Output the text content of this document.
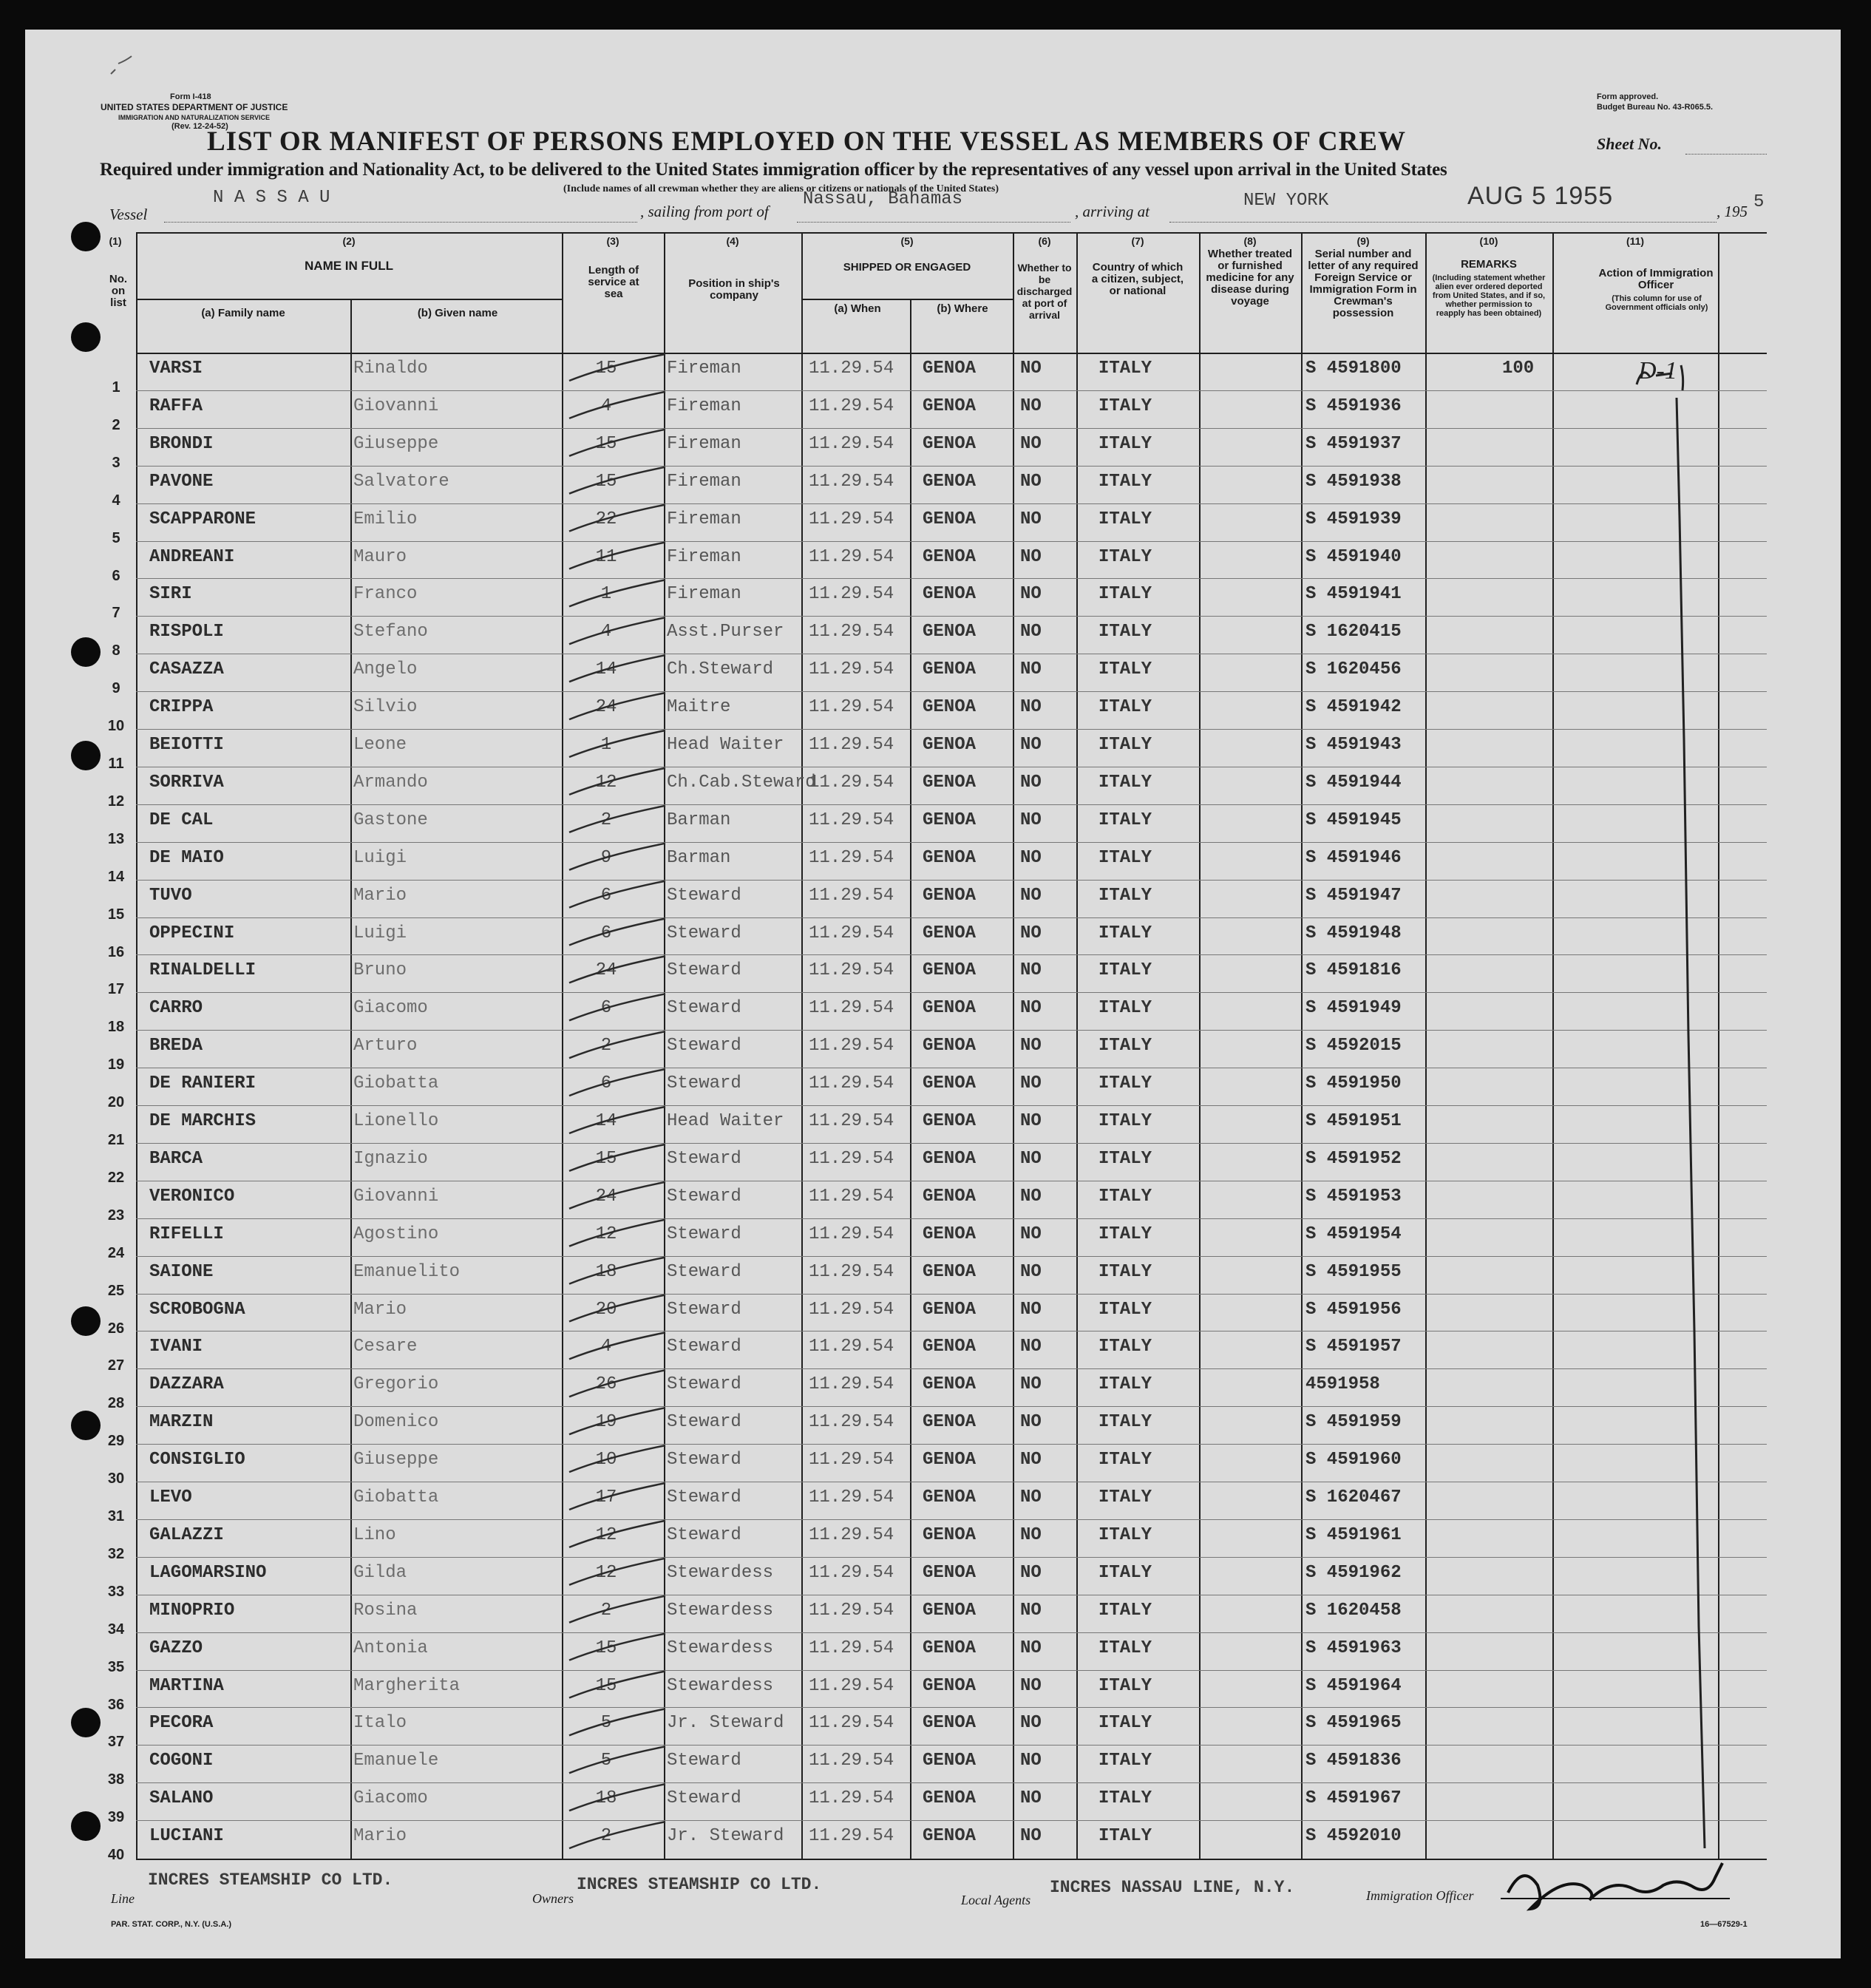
Form I-418
UNITED STATES DEPARTMENT OF JUSTICE
IMMIGRATION AND NATURALIZATION SERVICE
(Rev. 12-24-52)
Form approved.
Budget Bureau No. 43-R065.5.
LIST OR MANIFEST OF PERSONS EMPLOYED ON THE VESSEL AS MEMBERS OF CREW	Sheet No.
Required under immigration and Nationality Act, to be delivered to the United States immigration officer by the representatives of any vessel upon arrival in the United States
(Include names of all crewman whether they are aliens or citizens or nationals of the United States)
Vessel
N A S S A U
, sailing from port of
Nassau, Bahamas
, arriving at
NEW YORK	AUG 5 1955
, 195 5
(1)
No. on list
(2)
NAME IN FULL
(a) Family name	(b) Given name
(3)
Length of service at sea
(4)
Position in ship's company
(5)
SHIPPED OR ENGAGED
(a) When	(b) Where
(6)
Whether to be discharged at port of arrival
(7)
Country of which a citizen, subject, or national
(8)
Whether treated or furnished medicine for any disease during voyage
(9)
Serial number and letter of any required Foreign Service or Immigration Form in Crewman's possession
(10)
REMARKS
(Including statement whether alien ever ordered deported from United States, and if so, whether permission to reapply has been obtained)
(11)
Action of Immigration Officer
(This column for use of Government officials only)
1
VARSI	Rinaldo	15	Fireman	11.29.54 GENOA NO	ITALY	S 4591800	100
2
RAFFA	Giovanni	4	Fireman	11.29.54 GENOA NO	ITALY	S 4591936
3
BRONDI	Giuseppe	15	Fireman	11.29.54 GENOA NO	ITALY	S 4591937
4
PAVONE	Salvatore	15	Fireman	11.29.54 GENOA NO	ITALY	S 4591938
5
SCAPPARONE	Emilio	22	Fireman	11.29.54 GENOA NO	ITALY	S 4591939
6
ANDREANI	Mauro	11	Fireman	11.29.54 GENOA NO	ITALY	S 4591940
7
SIRI	Franco	1	Fireman	11.29.54 GENOA NO	ITALY	S 4591941
8
RISPOLI	Stefano	4	Asst.Purser 11.29.54 GENOA NO	ITALY	S 1620415
9
CASAZZA	Angelo	14	Ch.Steward 11.29.54 GENOA NO	ITALY	S 1620456
10
CRIPPA	Silvio	24	Maitre	11.29.54 GENOA NO	ITALY	S 4591942
11
BEIOTTI	Leone	1	Head Waiter 11.29.54 GENOA NO	ITALY	S 4591943
12
SORRIVA	Armando	12	Ch.Cab.Steward
11.29.54 GENOA NO	ITALY	S 4591944
13
DE CAL	Gastone	2	Barman	11.29.54 GENOA NO	ITALY	S 4591945
14
DE MAIO	Luigi	9	Barman	11.29.54 GENOA NO	ITALY	S 4591946
15
TUVO	Mario	6	Steward	11.29.54 GENOA NO	ITALY	S 4591947
16
OPPECINI	Luigi	6	Steward	11.29.54 GENOA NO	ITALY	S 4591948
17
RINALDELLI	Bruno	24	Steward	11.29.54 GENOA NO	ITALY	S 4591816
18
CARRO	Giacomo	6	Steward	11.29.54 GENOA NO	ITALY	S 4591949
19
BREDA	Arturo	2	Steward	11.29.54 GENOA NO	ITALY	S 4592015
20
DE RANIERI	Giobatta	6	Steward	11.29.54 GENOA NO	ITALY	S 4591950
21
DE MARCHIS	Lionello	14	Head Waiter 11.29.54 GENOA NO	ITALY	S 4591951
22
BARCA	Ignazio	15	Steward	11.29.54 GENOA NO	ITALY	S 4591952
23
VERONICO	Giovanni	24	Steward	11.29.54 GENOA NO	ITALY	S 4591953
24
RIFELLI	Agostino	12	Steward	11.29.54 GENOA NO	ITALY	S 4591954
25
SAIONE	Emanuelito	18	Steward	11.29.54 GENOA NO	ITALY	S 4591955
26
SCROBOGNA	Mario	20	Steward	11.29.54 GENOA NO	ITALY	S 4591956
27
IVANI	Cesare	4	Steward	11.29.54 GENOA NO	ITALY	S 4591957
28
DAZZARA	Gregorio	26	Steward	11.29.54 GENOA NO	ITALY	4591958
29
MARZIN	Domenico	19	Steward	11.29.54 GENOA NO	ITALY	S 4591959
30
CONSIGLIO	Giuseppe	10	Steward	11.29.54 GENOA NO	ITALY	S 4591960
31
LEVO	Giobatta	17	Steward	11.29.54 GENOA NO	ITALY	S 1620467
32
GALAZZI	Lino	12	Steward	11.29.54 GENOA NO	ITALY	S 4591961
33
LAGOMARSINO	Gilda	12	Stewardess 11.29.54 GENOA NO	ITALY	S 4591962
34
MINOPRIO	Rosina	2	Stewardess 11.29.54 GENOA NO	ITALY	S 1620458
35
GAZZO	Antonia	15	Stewardess 11.29.54 GENOA NO	ITALY	S 4591963
36
MARTINA	Margherita	15	Stewardess 11.29.54 GENOA NO	ITALY	S 4591964
37
PECORA	Italo	5	Jr. Steward 11.29.54 GENOA NO	ITALY	S 4591965
38
COGONI	Emanuele	5	Steward	11.29.54 GENOA NO	ITALY	S 4591836
39
SALANO	Giacomo	18	Steward	11.29.54 GENOA NO	ITALY	S 4591967
40
LUCIANI	Mario	2	Jr. Steward 11.29.54 GENOA NO	ITALY	S 4592010
D-1
Line
INCRES STEAMSHIP CO LTD.
Owners
INCRES STEAMSHIP CO LTD.
Local Agents
INCRES NASSAU LINE, N.Y.	Immigration Officer
PAR. STAT. CORP., N.Y. (U.S.A.)	16—67529-1
